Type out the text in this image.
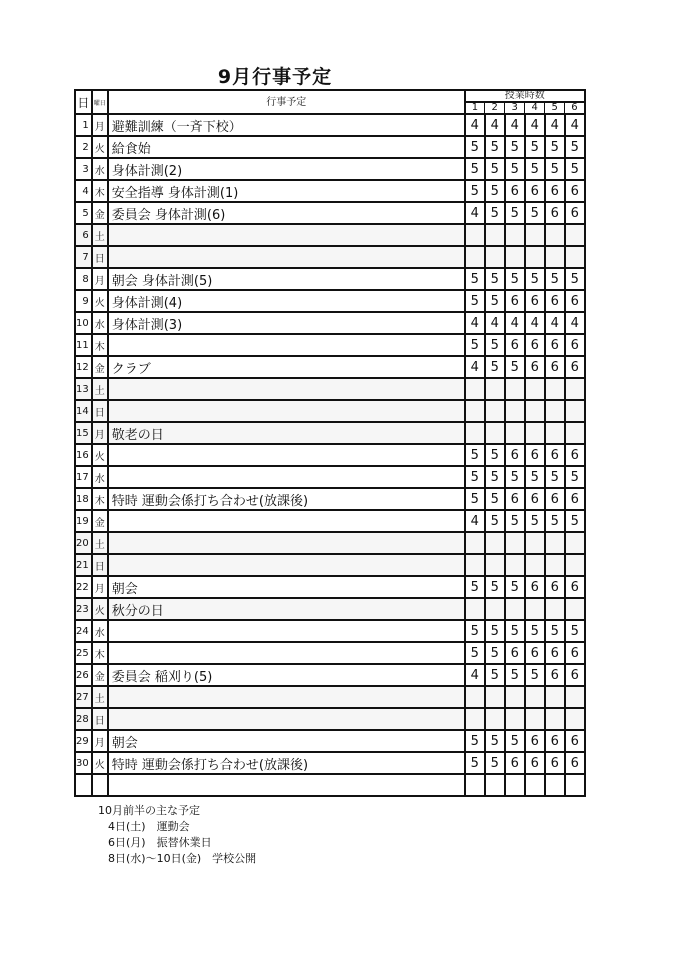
9月行事予定
日	曜日	行事予定	授業時数					
			1	2	3	4	5	6
1	月	避難訓練（一斉下校）	4	4	4	4	4	4
2	火	給食始	5	5	5	5	5	5
3	水	身体計測(2)	5	5	5	5	5	5
4	木	安全指導 身体計測(1)	5	5	6	6	6	6
5	金	委員会 身体計測(6)	4	5	5	5	6	6
6	土							
7	日							
8	月	朝会 身体計測(5)	5	5	5	5	5	5
9	火	身体計測(4)	5	5	6	6	6	6
10	水	身体計測(3)	4	4	4	4	4	4
11	木		5	5	6	6	6	6
12	金	クラブ	4	5	5	6	6	6
13	土							
14	日							
15	月	敬老の日						
16	火		5	5	6	6	6	6
17	水		5	5	5	5	5	5
18	木	特時 運動会係打ち合わせ(放課後)	5	5	6	6	6	6
19	金		4	5	5	5	5	5
20	土							
21	日							
22	月	朝会	5	5	5	6	6	6
23	火	秋分の日						
24	水		5	5	5	5	5	5
25	木		5	5	6	6	6	6
26	金	委員会 稲刈り(5)	4	5	5	5	6	6
27	土							
28	日							
29	月	朝会	5	5	5	6	6	6
30	火	特時 運動会係打ち合わせ(放課後)	5	5	6	6	6	6

10月前半の主な予定
4日(土)　運動会
6日(月)　振替休業日
8日(水)～10日(金)　学校公開
